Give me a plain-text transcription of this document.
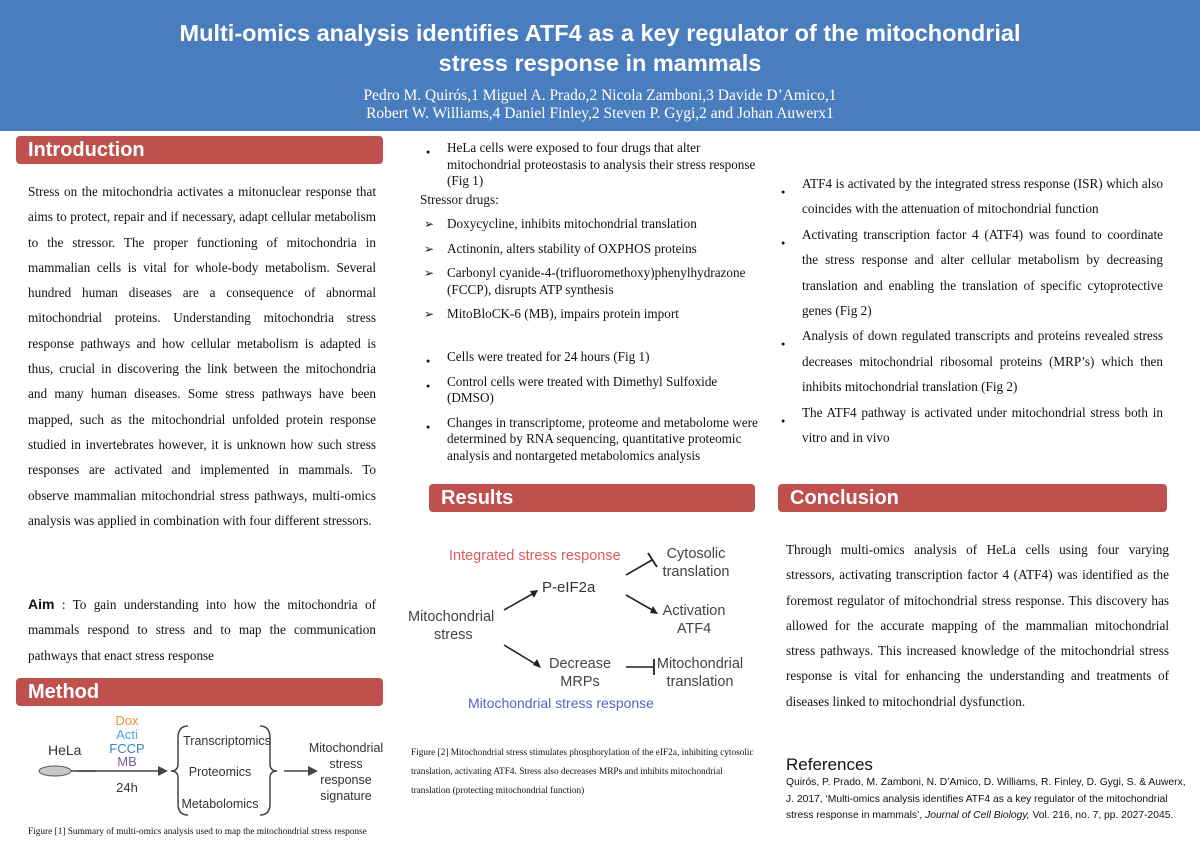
Multi-omics analysis identifies ATF4 as a key regulator of the mitochondrial
stress response in mammals
Pedro M. Quirós,1 Miguel A. Prado,2 Nicola Zamboni,3 Davide D’Amico,1
Robert W. Williams,4 Daniel Finley,2 Steven P. Gygi,2 and Johan Auwerx1
Introduction
Stress on the mitochondria activates a mitonuclear response that aims to protect, repair and if necessary, adapt cellular metabolism to the stressor. The proper functioning of mitochondria in mammalian cells is vital for whole-body metabolism. Several hundred human diseases are a consequence of abnormal mitochondrial proteins. Understanding mitochondria stress response pathways and how cellular metabolism is adapted is thus, crucial in discovering the link between the mitochondria and many human diseases. Some stress pathways have been mapped, such as the mitochondrial unfolded protein response studied in invertebrates however, it is unknown how such stress responses are activated and implemented in mammals. To observe mammalian mitochondrial stress pathways, multi-omics analysis was applied in combination with four different stressors.
Aim : To gain understanding into how the mitochondria of mammals respond to stress and to map the communication pathways that enact stress response
Method
HeLa
Dox
Acti
FCCP
MB
24h
Transcriptomics
Proteomics
Metabolomics
Mitochondrial
stress
response
signature
Figure [1] Summary of multi-omics analysis used to map the mitochondrial stress response
● HeLa cells were exposed to four drugs that alter mitochondrial proteostasis to analysis their stress response (Fig 1)
Stressor drugs:
➢ Doxycycline, inhibits mitochondrial translation
➢ Actinonin, alters stability of OXPHOS proteins
➢ Carbonyl cyanide-4-(trifluoromethoxy)phenylhydrazone (FCCP), disrupts ATP synthesis
➢ MitoBloCK-6 (MB), impairs protein import
● Cells were treated for 24 hours (Fig 1)
● Control cells were treated with Dimethyl Sulfoxide (DMSO)
● Changes in transcriptome, proteome and metabolome were determined by RNA sequencing, quantitative proteomic analysis and nontargeted metabolomics analysis
Results
Integrated stress response
P-eIF2a
Mitochondrial
stress
Cytosolic
translation
Activation
ATF4
Decrease
MRPs
Mitochondrial
translation
Mitochondrial stress response
Figure [2] Mitochondrial stress stimulates phosphorylation of the eIF2a, inhibiting cytosolic translation, activating ATF4. Stress also decreases MRPs and inhibits mitochondrial translation (protecting mitochondrial function)
● ATF4 is activated by the integrated stress response (ISR) which also coincides with the attenuation of mitochondrial function
● Activating transcription factor 4 (ATF4) was found to coordinate the stress response and alter cellular metabolism by decreasing translation and enabling the translation of specific cytoprotective genes (Fig 2)
● Analysis of down regulated transcripts and proteins revealed stress decreases mitochondrial ribosomal proteins (MRP’s) which then inhibits mitochondrial translation (Fig 2)
● The ATF4 pathway is activated under mitochondrial stress both in vitro and in vivo
Conclusion
Through multi-omics analysis of HeLa cells using four varying stressors, activating transcription factor 4 (ATF4) was identified as the foremost regulator of mitochondrial stress response. This discovery has allowed for the accurate mapping of the mammalian mitochondrial stress pathways. This increased knowledge of the mitochondrial stress response is vital for enhancing the understanding and treatments of diseases linked to mitochondrial dysfunction.
References
Quirós, P. Prado, M. Zamboni, N. D’Amico, D. Williams, R. Finley, D. Gygi, S. & Auwerx, J. 2017, ‘Multi-omics analysis identifies ATF4 as a key regulator of the mitochondrial stress response in mammals’, Journal of Cell Biology, Vol. 216, no. 7, pp. 2027-2045.
